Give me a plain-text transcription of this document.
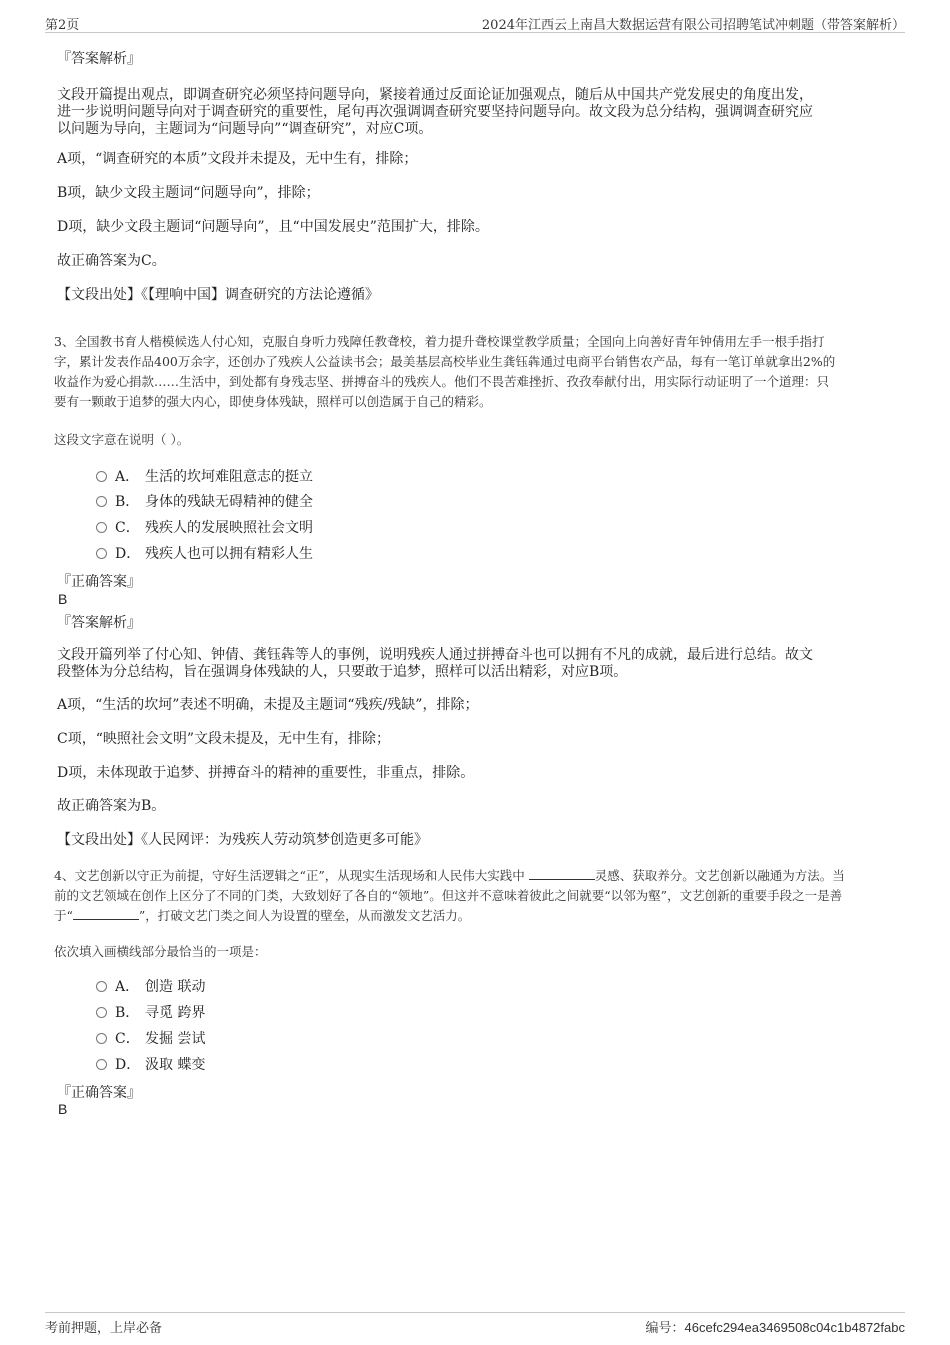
第2页	2024年江西云上南昌大数据运营有限公司招聘笔试冲刺题（带答案解析）
『答案解析』
文段开篇提出观点，即调查研究必须坚持问题导向，紧接着通过反面论证加强观点，随后从中国共产党发展史的角度出发，
进一步说明问题导向对于调查研究的重要性，尾句再次强调调查研究要坚持问题导向。故文段为总分结构，强调调查研究应
以问题为导向，主题词为“问题导向”“调查研究”，对应C项。
A项，“调查研究的本质”文段并未提及，无中生有，排除；
B项，缺少文段主题词“问题导向”，排除；
D项，缺少文段主题词“问题导向”，且“中国发展史”范围扩大，排除。
故正确答案为C。
【文段出处】《【理响中国】调查研究的方法论遵循》
3、全国教书育人楷模候选人付心知，克服自身听力残障任教聋校，着力提升聋校课堂教学质量；全国向上向善好青年钟倩用左手一根手指打
字，累计发表作品400万余字，还创办了残疾人公益读书会；最美基层高校毕业生龚钰犇通过电商平台销售农产品，每有一笔订单就拿出2%的
收益作为爱心捐款……生活中，到处都有身残志坚、拼搏奋斗的残疾人。他们不畏苦难挫折、孜孜奉献付出，用实际行动证明了一个道理：只
要有一颗敢于追梦的强大内心，即使身体残缺，照样可以创造属于自己的精彩。
这段文字意在说明（ ）。
A． 生活的坎坷难阻意志的挺立
B． 身体的残缺无碍精神的健全
C． 残疾人的发展映照社会文明
D． 残疾人也可以拥有精彩人生
『正确答案』
B
『答案解析』
文段开篇列举了付心知、钟倩、龚钰犇等人的事例，说明残疾人通过拼搏奋斗也可以拥有不凡的成就，最后进行总结。故文
段整体为分总结构，旨在强调身体残缺的人，只要敢于追梦，照样可以活出精彩，对应B项。
A项，“生活的坎坷”表述不明确，未提及主题词“残疾/残缺”，排除；
C项，“映照社会文明”文段未提及，无中生有，排除；
D项，未体现敢于追梦、拼搏奋斗的精神的重要性，非重点，排除。
故正确答案为B。
【文段出处】《人民网评：为残疾人劳动筑梦创造更多可能》
4、文艺创新以守正为前提，守好生活逻辑之“正”，从现实生活现场和人民伟大实践中	灵感、获取养分。文艺创新以融通为方法。当
前的文艺领域在创作上区分了不同的门类，大致划好了各自的“领地”。但这并不意味着彼此之间就要“以邻为壑”，文艺创新的重要手段之一是善
于“	”，打破文艺门类之间人为设置的壁垒，从而激发文艺活力。
依次填入画横线部分最恰当的一项是：
A． 创造 联动
B． 寻觅 跨界
C． 发掘 尝试
D． 汲取 蝶变
『正确答案』
B
考前押题，上岸必备	编号：46cefc294ea3469508c04c1b4872fabc
